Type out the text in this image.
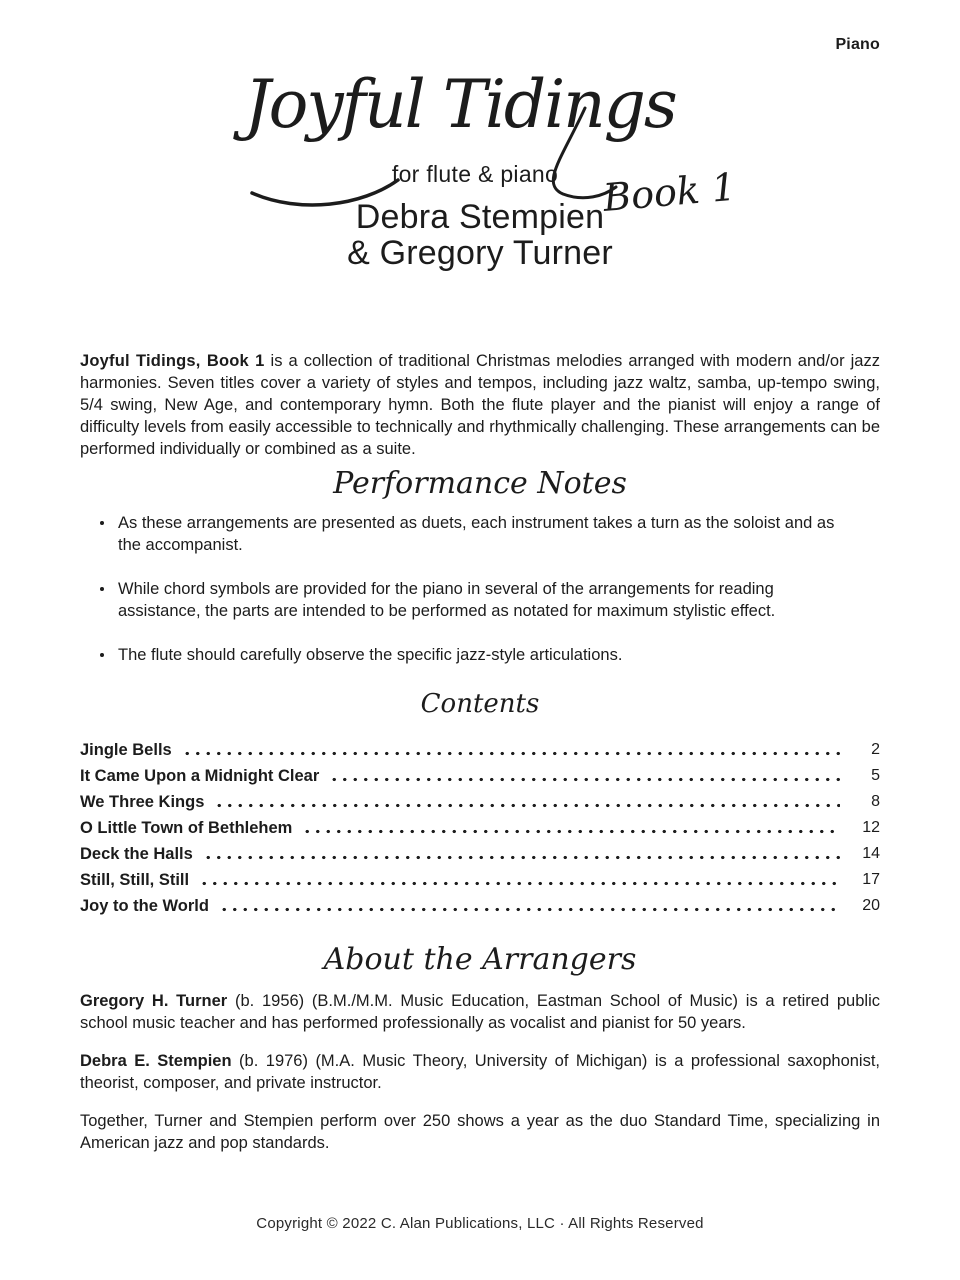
Piano
Joyful Tidings
for flute & piano	Book 1
Debra Stempien
& Gregory Turner

Joyful Tidings, Book 1 is a collection of traditional Christmas melodies arranged with modern and/or jazz harmonies. Seven titles cover a variety of styles and tempos, including jazz waltz, samba, up-tempo swing, 5/4 swing, New Age, and contemporary hymn. Both the flute player and the pianist will enjoy a range of difficulty levels from easily accessible to technically and rhythmically challenging. These arrangements can be performed individually or combined as a suite.

Performance Notes
As these arrangements are presented as duets, each instrument takes a turn as the soloist and as the accompanist.
While chord symbols are provided for the piano in several of the arrangements for reading assistance, the parts are intended to be performed as notated for maximum stylistic effect.
The flute should carefully observe the specific jazz-style articulations.
Contents
Jingle Bells	2
It Came Upon a Midnight Clear	5
We Three Kings	8
O Little Town of Bethlehem	12
Deck the Halls	14
Still, Still, Still	17
Joy to the World	20
About the Arrangers

Gregory H. Turner (b. 1956) (B.M./M.M. Music Education, Eastman School of Music) is a retired public school music teacher and has performed professionally as vocalist and pianist for 50 years.

Debra E. Stempien (b. 1976) (M.A. Music Theory, University of Michigan) is a professional saxophonist, theorist, composer, and private instructor.

Together, Turner and Stempien perform over 250 shows a year as the duo Standard Time, specializing in American jazz and pop standards.

Copyright © 2022 C. Alan Publications, LLC · All Rights Reserved
